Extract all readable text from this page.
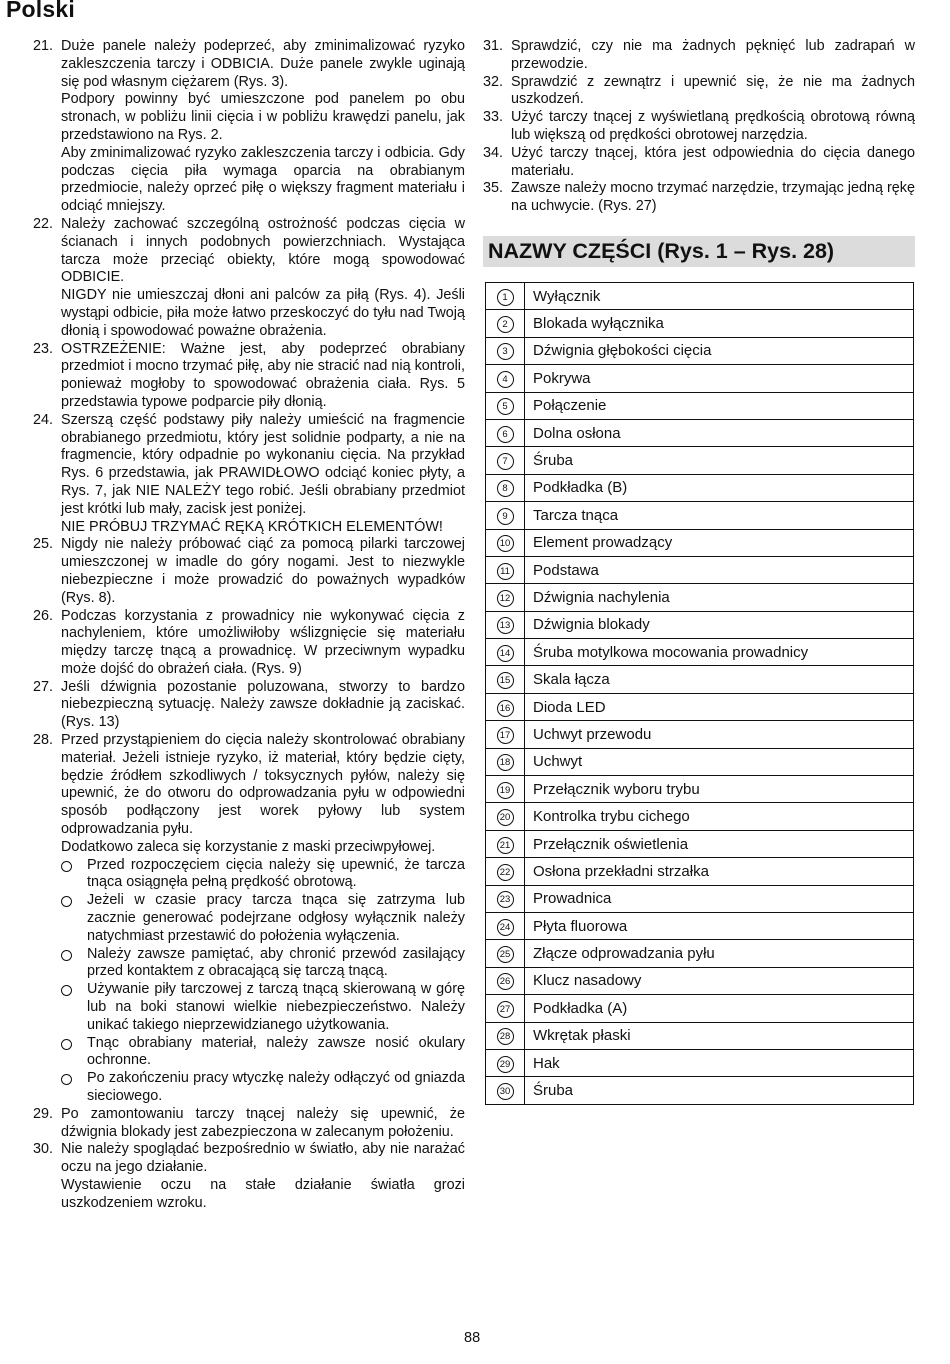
Polski
21. Duże panele należy podeprzeć, aby zminimalizować ryzyko zakleszczenia tarczy i ODBICIA. Duże panele zwykle uginają się pod własnym ciężarem (Rys. 3).

Podpory powinny być umieszczone pod panelem po obu stronach, w pobliżu linii cięcia i w pobliżu krawędzi panelu, jak przedstawiono na Rys. 2.

Aby zminimalizować ryzyko zakleszczenia tarczy i odbicia. Gdy podczas cięcia piła wymaga oparcia na obrabianym przedmiocie, należy oprzeć piłę o większy fragment materiału i odciąć mniejszy.

22. Należy zachować szczególną ostrożność podczas cięcia w ścianach i innych podobnych powierzchniach. Wystająca tarcza może przeciąć obiekty, które mogą spowodować ODBICIE.

NIGDY nie umieszczaj dłoni ani palców za piłą (Rys. 4). Jeśli wystąpi odbicie, piła może łatwo przeskoczyć do tyłu nad Twoją dłonią i spowodować poważne obrażenia.

23. OSTRZEŻENIE: Ważne jest, aby podeprzeć obrabiany przedmiot i mocno trzymać piłę, aby nie stracić nad nią kontroli, ponieważ mogłoby to spowodować obrażenia ciała. Rys. 5 przedstawia typowe podparcie piły dłonią.

24. Szerszą część podstawy piły należy umieścić na fragmencie obrabianego przedmiotu, który jest solidnie podparty, a nie na fragmencie, który odpadnie po wykonaniu cięcia. Na przykład Rys. 6 przedstawia, jak PRAWIDŁOWO odciąć koniec płyty, a Rys. 7, jak NIE NALEŻY tego robić. Jeśli obrabiany przedmiot jest krótki lub mały, zacisk jest poniżej.

NIE PRÓBUJ TRZYMAĆ RĘKĄ KRÓTKICH ELEMENTÓW!

25. Nigdy nie należy próbować ciąć za pomocą pilarki tarczowej umieszczonej w imadle do góry nogami. Jest to niezwykle niebezpieczne i może prowadzić do poważnych wypadków (Rys. 8).

26. Podczas korzystania z prowadnicy nie wykonywać cięcia z nachyleniem, które umożliwiłoby wślizgnięcie się materiału między tarczę tnącą a prowadnicę. W przeciwnym wypadku może dojść do obrażeń ciała. (Rys. 9)

27. Jeśli dźwignia pozostanie poluzowana, stworzy to bardzo niebezpieczną sytuację. Należy zawsze dokładnie ją zaciskać. (Rys. 13)

28. Przed przystąpieniem do cięcia należy skontrolować obrabiany materiał. Jeżeli istnieje ryzyko, iż materiał, który będzie cięty, będzie źródłem szkodliwych / toksycznych pyłów, należy się upewnić, że do otworu do odprowadzania pyłu w odpowiedni sposób podłączony jest worek pyłowy lub system odprowadzania pyłu.

Dodatkowo zaleca się korzystanie z maski przeciwpyłowej.

Przed rozpoczęciem cięcia należy się upewnić, że tarcza tnąca osiągnęła pełną prędkość obrotową.
Jeżeli w czasie pracy tarcza tnąca się zatrzyma lub zacznie generować podejrzane odgłosy wyłącznik należy natychmiast przestawić do położenia wyłączenia.
Należy zawsze pamiętać, aby chronić przewód zasilający przed kontaktem z obracającą się tarczą tnącą.
Używanie piły tarczowej z tarczą tnącą skierowaną w górę lub na boki stanowi wielkie niebezpieczeństwo. Należy unikać takiego nieprzewidzianego użytkowania.
Tnąc obrabiany materiał, należy zawsze nosić okulary ochronne.
Po zakończeniu pracy wtyczkę należy odłączyć od gniazda sieciowego.
29. Po zamontowaniu tarczy tnącej należy się upewnić, że dźwignia blokady jest zabezpieczona w zalecanym położeniu.

30. Nie należy spoglądać bezpośrednio w światło, aby nie narażać oczu na jego działanie.

Wystawienie oczu na stałe działanie światła grozi uszkodzeniem wzroku.

31. Sprawdzić, czy nie ma żadnych pęknięć lub zadrapań w przewodzie.

32. Sprawdzić z zewnątrz i upewnić się, że nie ma żadnych uszkodzeń.

33. Użyć tarczy tnącej z wyświetlaną prędkością obrotową równą lub większą od prędkości obrotowej narzędzia.

34. Użyć tarczy tnącej, która jest odpowiednia do cięcia danego materiału.

35. Zawsze należy mocno trzymać narzędzie, trzymając jedną rękę na uchwycie. (Rys. 27)

NAZWY CZĘŚCI (Rys. 1 – Rys. 28)
1	Wyłącznik
2	Blokada wyłącznika
3	Dźwignia głębokości cięcia
4	Pokrywa
5	Połączenie
6	Dolna osłona
7	Śruba
8	Podkładka (B)
9	Tarcza tnąca
10	Element prowadzący
11	Podstawa
12	Dźwignia nachylenia
13	Dźwignia blokady
14	Śruba motylkowa mocowania prowadnicy
15	Skala łącza
16	Dioda LED
17	Uchwyt przewodu
18	Uchwyt
19	Przełącznik wyboru trybu
20	Kontrolka trybu cichego
21	Przełącznik oświetlenia
22	Osłona przekładni strzałka
23	Prowadnica
24	Płyta fluorowa
25	Złącze odprowadzania pyłu
26	Klucz nasadowy
27	Podkładka (A)
28	Wkrętak płaski
29	Hak
30	Śruba
88
